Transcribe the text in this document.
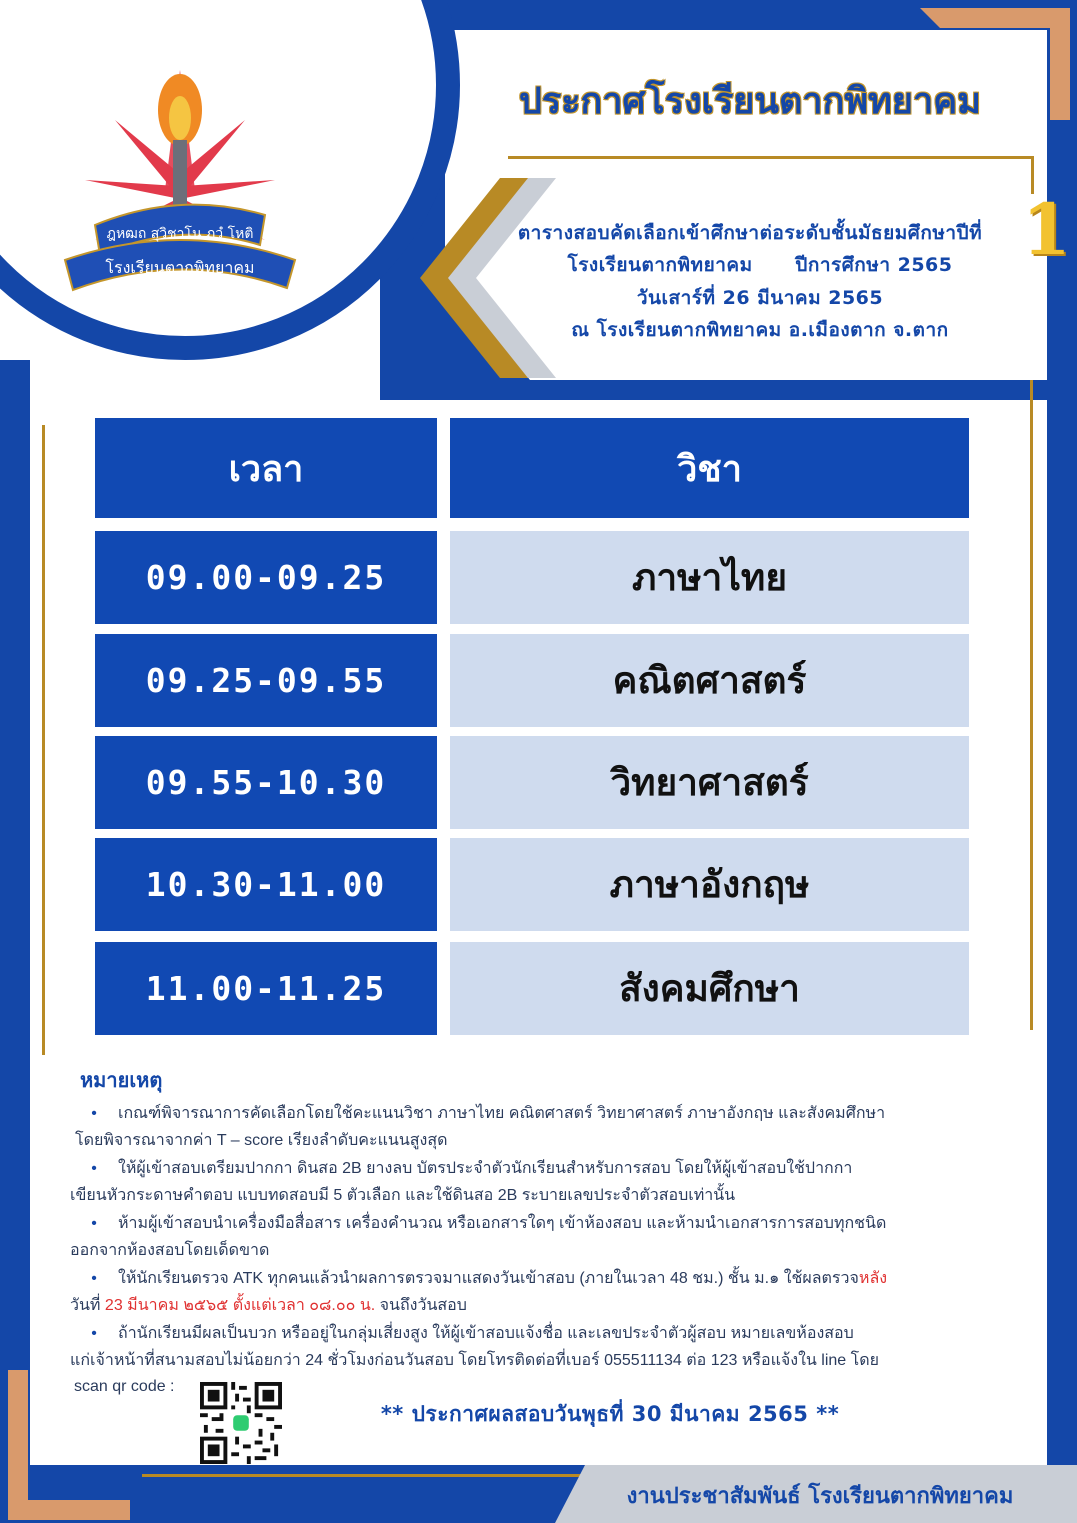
ฎหฒถ สุวิชาโน ภวํ โหติ
โรงเรียนตากพิทยาคม
ประกาศโรงเรียนตากพิทยาคม
ตารางสอบคัดเลือกเข้าศึกษาต่อระดับชั้นมัธยมศึกษาปีที่ 1
โรงเรียนตากพิทยาคม      ปีการศึกษา 2565
วันเสาร์ที่ 26 มีนาคม 2565
ณ โรงเรียนตากพิทยาคม อ.เมืองตาก จ.ตาก
เวลา	วิชา
09.00-09.25	ภาษาไทย
09.25-09.55	คณิตศาสตร์
09.55-10.30	วิทยาศาสตร์
10.30-11.00	ภาษาอังกฤษ
11.00-11.25	สังคมศึกษา
หมายเหตุ
• เกณฑ์พิจารณาการคัดเลือกโดยใช้คะแนนวิชา ภาษาไทย คณิตศาสตร์ วิทยาศาสตร์ ภาษาอังกฤษ และสังคมศึกษา
โดยพิจารณาจากค่า T – score เรียงลำดับคะแนนสูงสุด
• ให้ผู้เข้าสอบเตรียมปากกา ดินสอ 2B ยางลบ บัตรประจำตัวนักเรียนสำหรับการสอบ โดยให้ผู้เข้าสอบใช้ปากกา
เขียนหัวกระดาษคำตอบ แบบทดสอบมี 5 ตัวเลือก และใช้ดินสอ 2B ระบายเลขประจำตัวสอบเท่านั้น
• ห้ามผู้เข้าสอบนำเครื่องมือสื่อสาร เครื่องคำนวณ หรือเอกสารใดๆ เข้าห้องสอบ และห้ามนำเอกสารการสอบทุกชนิด
ออกจากห้องสอบโดยเด็ดขาด
• ให้นักเรียนตรวจ ATK ทุกคนแล้วนำผลการตรวจมาแสดงวันเข้าสอบ (ภายในเวลา 48 ชม.) ชั้น ม.๑ ใช้ผลตรวจหลัง
วันที่ 23 มีนาคม ๒๕๖๕ ตั้งแต่เวลา ๐๘.๐๐ น. จนถึงวันสอบ
• ถ้านักเรียนมีผลเป็นบวก หรืออยู่ในกลุ่มเสี่ยงสูง ให้ผู้เข้าสอบแจ้งชื่อ และเลขประจำตัวผู้สอบ หมายเลขห้องสอบ
แก่เจ้าหน้าที่สนามสอบไม่น้อยกว่า 24 ชั่วโมงก่อนวันสอบ โดยโทรติดต่อที่เบอร์ 055511134 ต่อ 123 หรือแจ้งใน line โดย
scan qr code :
** ประกาศผลสอบวันพุธที่ 30 มีนาคม 2565 **
งานประชาสัมพันธ์ โรงเรียนตากพิทยาคม
